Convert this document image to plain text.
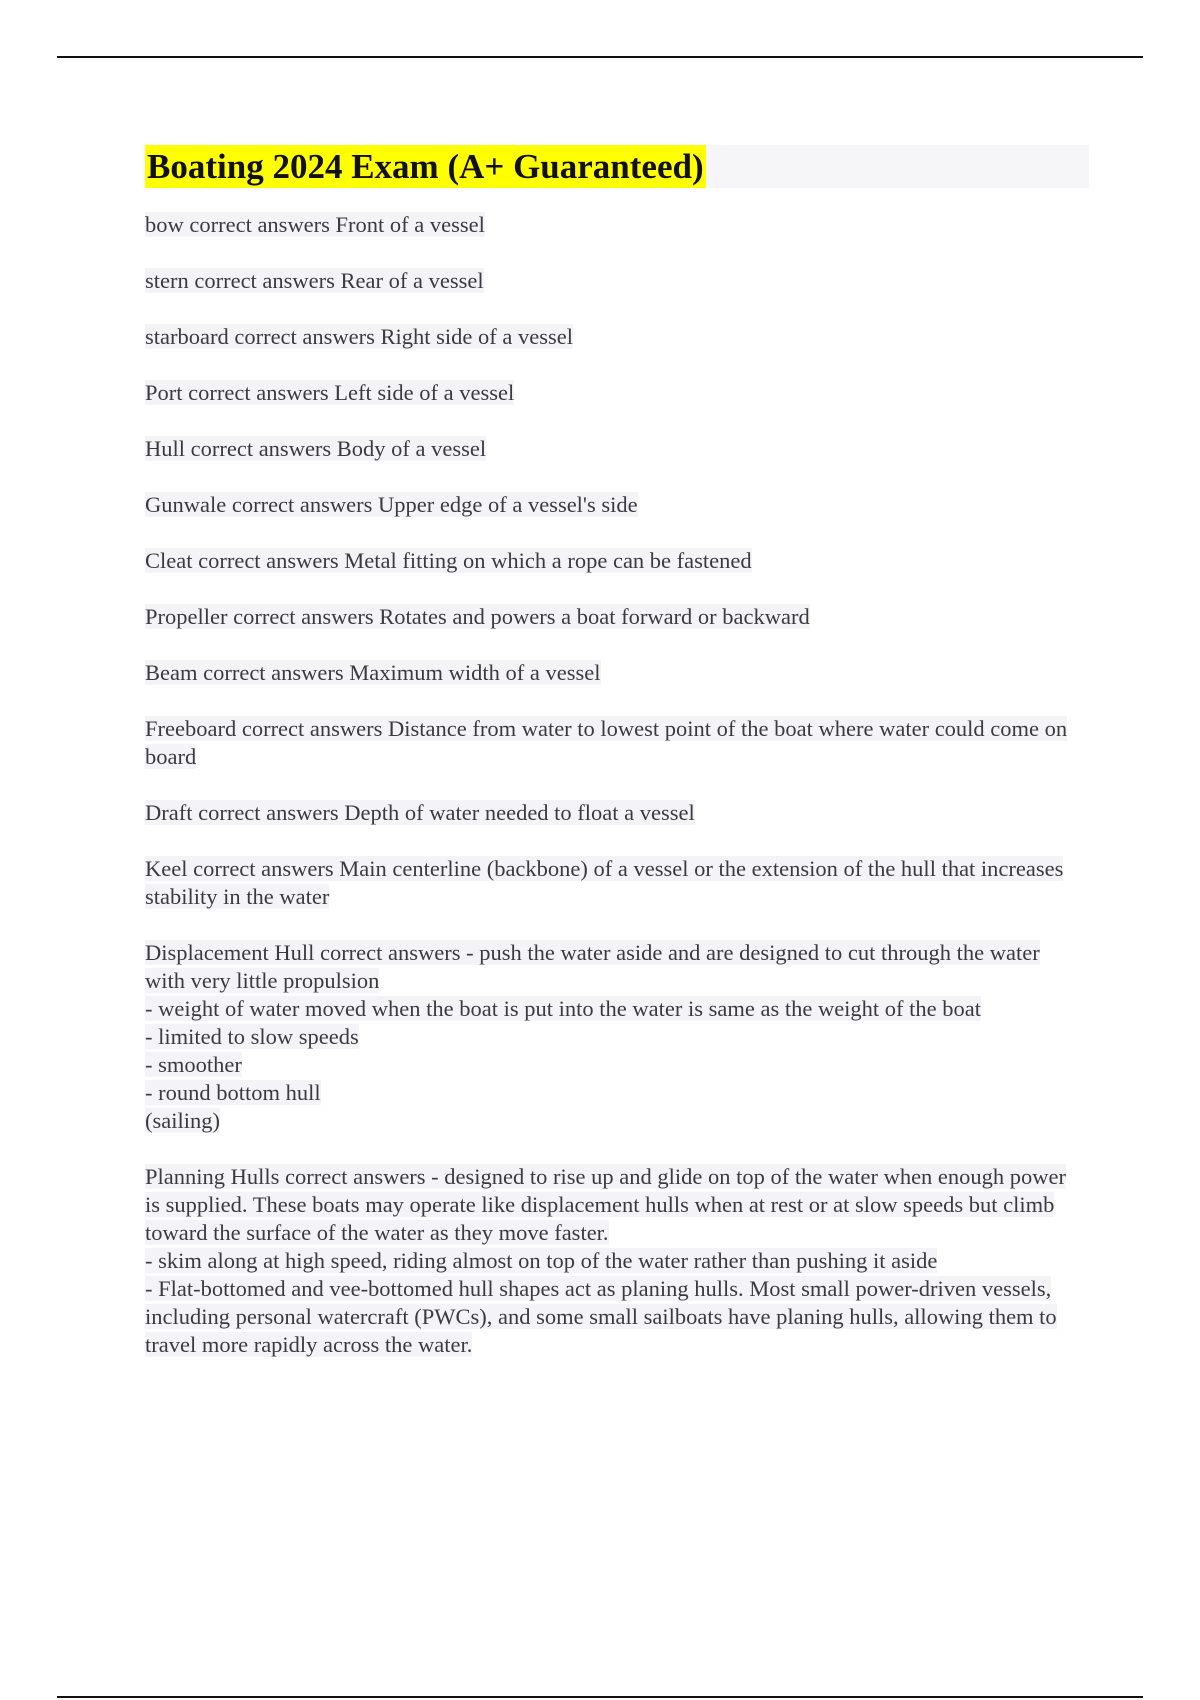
Boating 2024 Exam (A+ Guaranteed)

bow correct answers Front of a vessel

stern correct answers Rear of a vessel

starboard correct answers Right side of a vessel

Port correct answers Left side of a vessel

Hull correct answers Body of a vessel

Gunwale correct answers Upper edge of a vessel's side

Cleat correct answers Metal fitting on which a rope can be fastened

Propeller correct answers Rotates and powers a boat forward or backward

Beam correct answers Maximum width of a vessel

Freeboard correct answers Distance from water to lowest point of the boat where water could come on board

Draft correct answers Depth of water needed to float a vessel

Keel correct answers Main centerline (backbone) of a vessel or the extension of the hull that increases stability in the water

Displacement Hull correct answers - push the water aside and are designed to cut through the water with very little propulsion
- weight of water moved when the boat is put into the water is same as the weight of the boat
- limited to slow speeds
- smoother
- round bottom hull
(sailing)

Planning Hulls correct answers - designed to rise up and glide on top of the water when enough power is supplied. These boats may operate like displacement hulls when at rest or at slow speeds but climb toward the surface of the water as they move faster.
- skim along at high speed, riding almost on top of the water rather than pushing it aside
- Flat-bottomed and vee-bottomed hull shapes act as planing hulls. Most small power-driven vessels, including personal watercraft (PWCs), and some small sailboats have planing hulls, allowing them to travel more rapidly across the water.
